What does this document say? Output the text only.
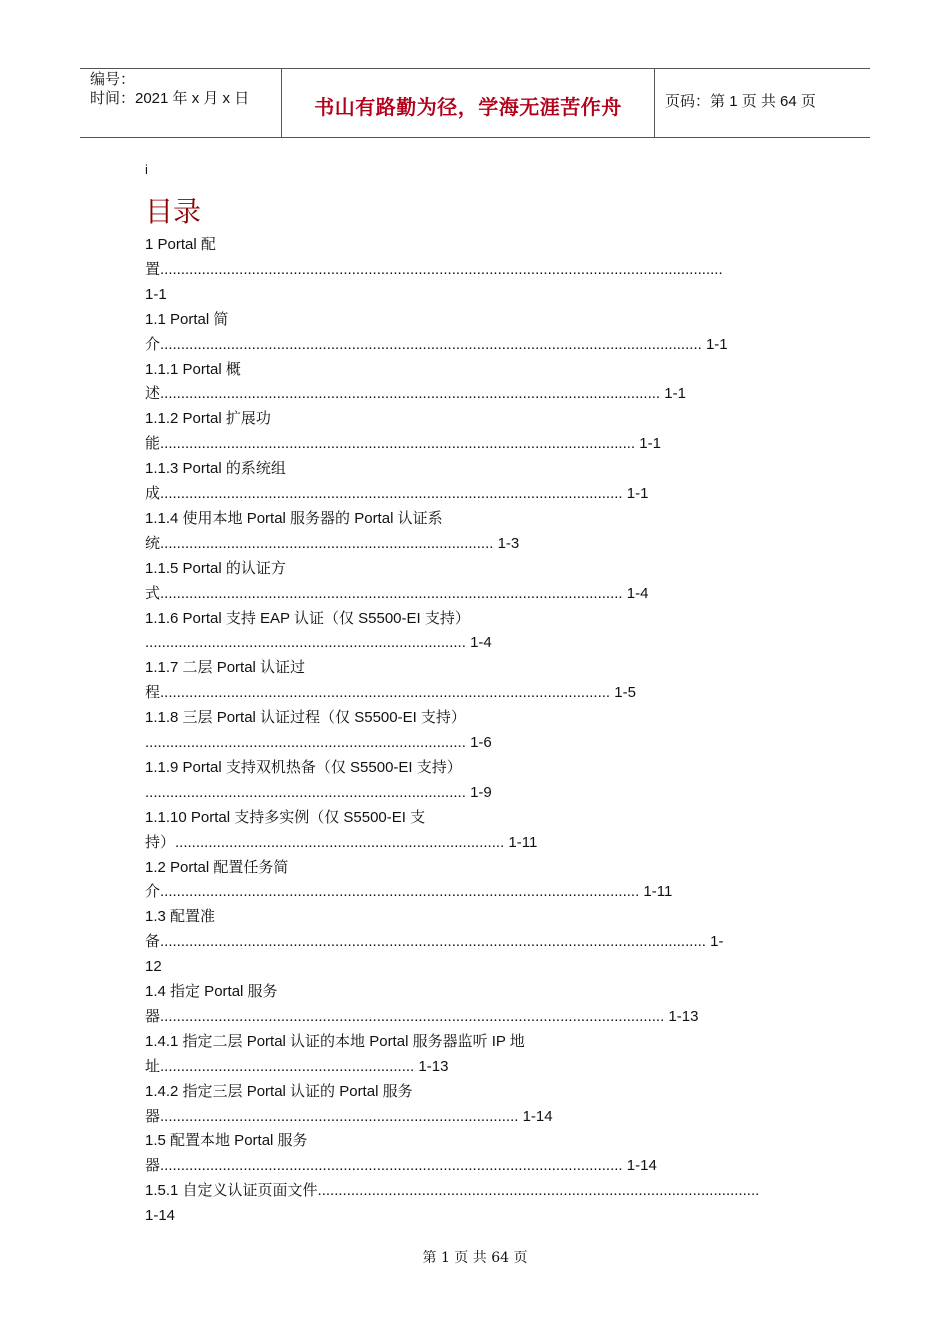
编号：
时间：2021 年 x 月 x 日	书山有路勤为径，学海无涯苦作舟	页码：第 1 页 共 64 页
i
目录
1 Portal 配
置.......................................................................................................................................
1-1
1.1 Portal 简
介.................................................................................................................................. 1-1
1.1.1 Portal 概
述........................................................................................................................ 1-1
1.1.2 Portal 扩展功
能.................................................................................................................. 1-1
1.1.3 Portal 的系统组
成............................................................................................................... 1-1
1.1.4 使用本地 Portal 服务器的 Portal 认证系
统................................................................................ 1-3
1.1.5 Portal 的认证方
式............................................................................................................... 1-4
1.1.6 Portal 支持 EAP 认证（仅 S5500-EI 支持）
............................................................................. 1-4
1.1.7 二层 Portal 认证过
程............................................................................................................ 1-5
1.1.8 三层 Portal 认证过程（仅 S5500-EI 支持）
............................................................................. 1-6
1.1.9 Portal 支持双机热备（仅 S5500-EI 支持）
............................................................................. 1-9
1.1.10 Portal 支持多实例（仅 S5500-EI 支
持）............................................................................... 1-11
1.2 Portal 配置任务简
介................................................................................................................... 1-11
1.3 配置准
备................................................................................................................................... 1-
12
1.4 指定 Portal 服务
器......................................................................................................................... 1-13
1.4.1 指定二层 Portal 认证的本地 Portal 服务器监听 IP 地
址............................................................. 1-13
1.4.2 指定三层 Portal 认证的 Portal 服务
器...................................................................................... 1-14
1.5 配置本地 Portal 服务
器............................................................................................................... 1-14
1.5.1 自定义认证页面文件..........................................................................................................
1-14
第 1 页 共 64 页
